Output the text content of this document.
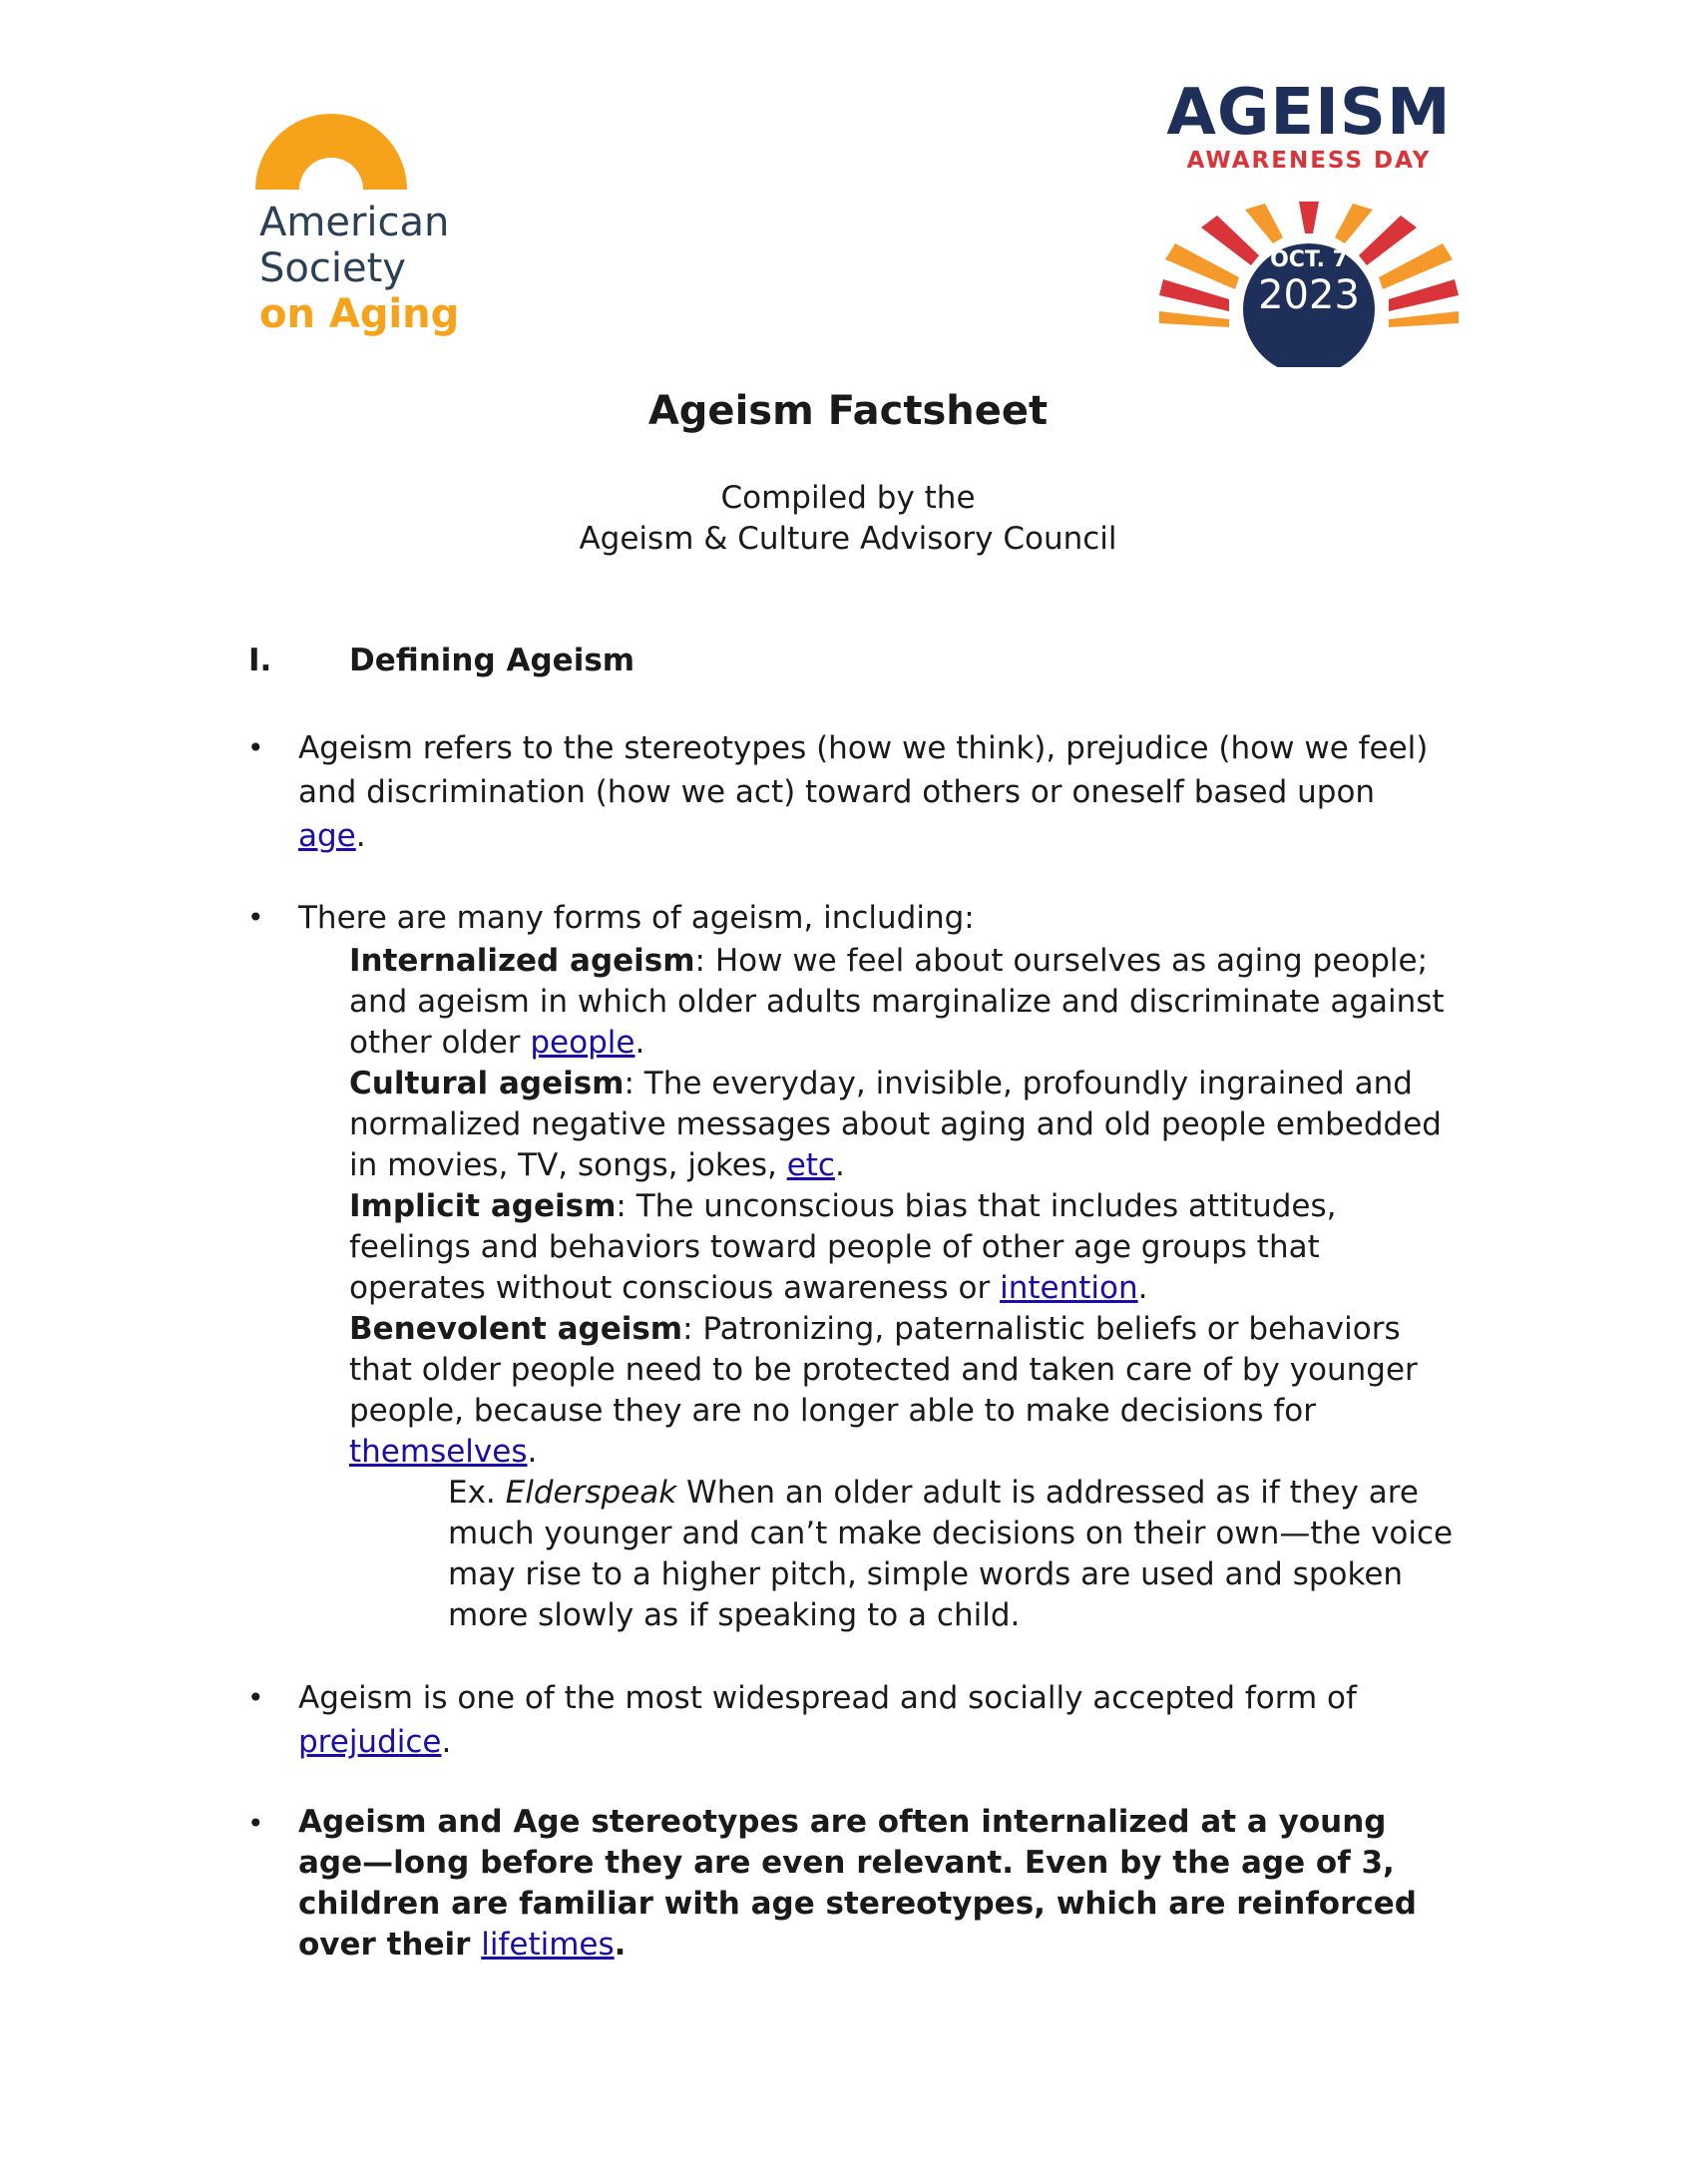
American
Society
on Aging
AGEISM
AWARENESS DAY
OCT. 7
2023
Ageism Factsheet
Compiled by the
Ageism & Culture Advisory Council
I.	Defining Ageism
• Ageism refers to the stereotypes (how we think), prejudice (how we feel) and discrimination (how we act) toward others or oneself based upon age.
• There are many forms of ageism, including:
Internalized ageism: How we feel about ourselves as aging people; and ageism in which older adults marginalize and discriminate against other older people.
Cultural ageism: The everyday, invisible, profoundly ingrained and normalized negative messages about aging and old people embedded in movies, TV, songs, jokes, etc.
Implicit ageism: The unconscious bias that includes attitudes, feelings and behaviors toward people of other age groups that operates without conscious awareness or intention.
Benevolent ageism: Patronizing, paternalistic beliefs or behaviors that older people need to be protected and taken care of by younger people, because they are no longer able to make decisions for themselves.
Ex. Elderspeak When an older adult is addressed as if they are much younger and can’t make decisions on their own—the voice may rise to a higher pitch, simple words are used and spoken more slowly as if speaking to a child.
• Ageism is one of the most widespread and socially accepted form of prejudice.
• Ageism and Age stereotypes are often internalized at a young age—long before they are even relevant. Even by the age of 3, children are familiar with age stereotypes, which are reinforced over their lifetimes.
